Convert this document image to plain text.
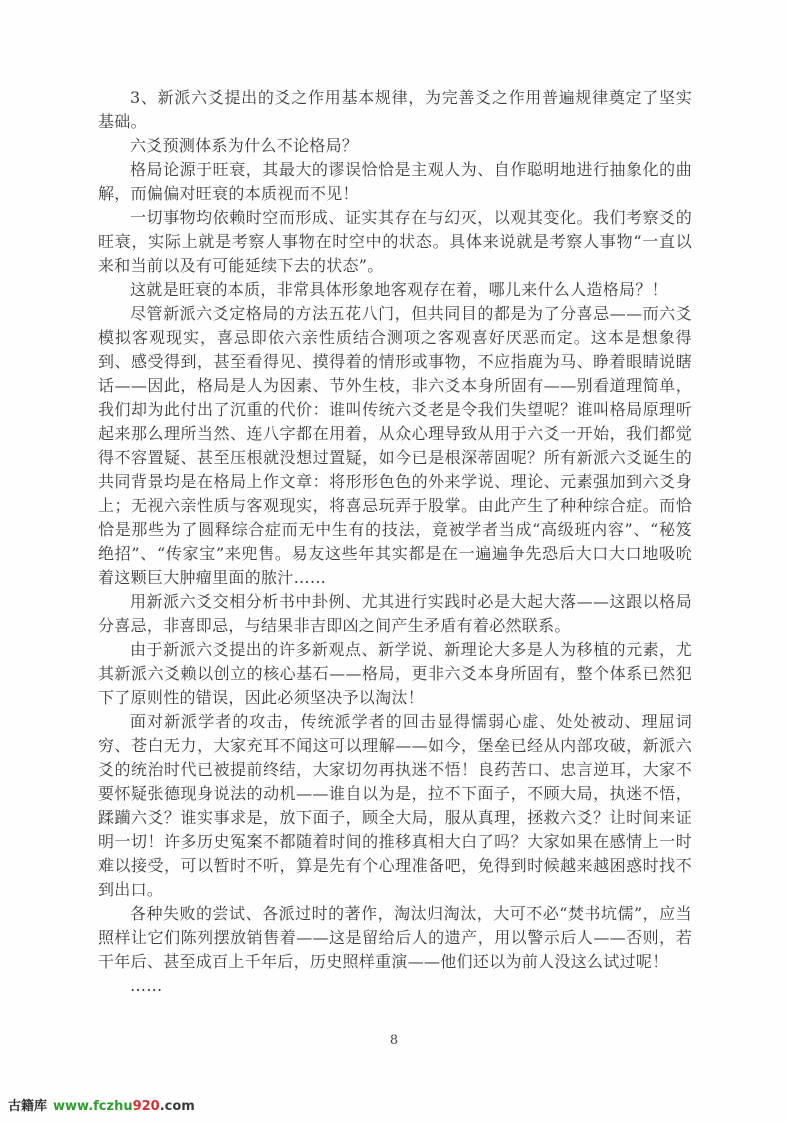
3、新派六爻提出的爻之作用基本规律，为完善爻之作用普遍规律奠定了坚实基础。

六爻预测体系为什么不论格局？

格局论源于旺衰，其最大的谬误恰恰是主观人为、自作聪明地进行抽象化的曲解，而偏偏对旺衰的本质视而不见！

一切事物均依赖时空而形成、证实其存在与幻灭，以观其变化。我们考察爻的旺衰，实际上就是考察人事物在时空中的状态。具体来说就是考察人事物“一直以来和当前以及有可能延续下去的状态”。

这就是旺衰的本质，非常具体形象地客观存在着，哪儿来什么人造格局？！

尽管新派六爻定格局的方法五花八门，但共同目的都是为了分喜忌——而六爻模拟客观现实，喜忌即依六亲性质结合测项之客观喜好厌恶而定。这本是想象得到、感受得到，甚至看得见、摸得着的情形或事物，不应指鹿为马、睁着眼睛说瞎话——因此，格局是人为因素、节外生枝，非六爻本身所固有——别看道理简单，我们却为此付出了沉重的代价：谁叫传统六爻老是令我们失望呢？谁叫格局原理听起来那么理所当然、连八字都在用着，从众心理导致从用于六爻一开始，我们都觉得不容置疑、甚至压根就没想过置疑，如今已是根深蒂固呢？所有新派六爻诞生的共同背景均是在格局上作文章：将形形色色的外来学说、理论、元素强加到六爻身上；无视六亲性质与客观现实，将喜忌玩弄于股掌。由此产生了种种综合症。而恰恰是那些为了圆释综合症而无中生有的技法，竟被学者当成“高级班内容”、“秘笈绝招”、“传家宝”来兜售。易友这些年其实都是在一遍遍争先恐后大口大口地吸吮着这颗巨大肿瘤里面的脓汁……

用新派六爻交相分析书中卦例、尤其进行实践时必是大起大落——这跟以格局分喜忌，非喜即忌，与结果非吉即凶之间产生矛盾有着必然联系。

由于新派六爻提出的许多新观点、新学说、新理论大多是人为移植的元素，尤其新派六爻赖以创立的核心基石——格局，更非六爻本身所固有，整个体系已然犯下了原则性的错误，因此必须坚决予以淘汰！

面对新派学者的攻击，传统派学者的回击显得懦弱心虚、处处被动、理屈词穷、苍白无力，大家充耳不闻这可以理解——如今，堡垒已经从内部攻破，新派六爻的统治时代已被提前终结，大家切勿再执迷不悟！良药苦口、忠言逆耳，大家不要怀疑张德现身说法的动机——谁自以为是，拉不下面子，不顾大局，执迷不悟，蹂躏六爻？谁实事求是，放下面子，顾全大局，服从真理，拯救六爻？让时间来证明一切！许多历史冤案不都随着时间的推移真相大白了吗？大家如果在感情上一时难以接受，可以暂时不听，算是先有个心理准备吧，免得到时候越来越困惑时找不到出口。

各种失败的尝试、各派过时的著作，淘汰归淘汰，大可不必“焚书坑儒”，应当照样让它们陈列摆放销售着——这是留给后人的遗产，用以警示后人——否则，若干年后、甚至成百上千年后，历史照样重演——他们还以为前人没这么试过呢！

……

8
古籍库 www.fczhu920.com
